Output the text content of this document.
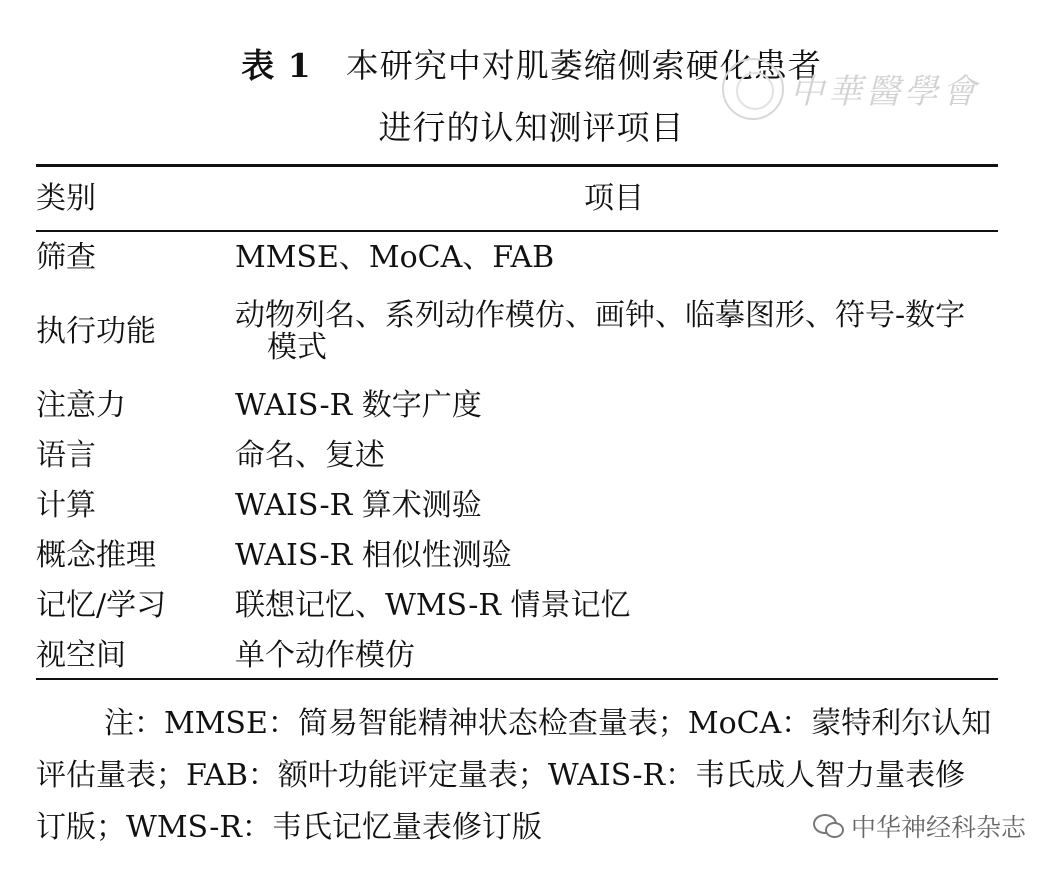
表 1 本研究中对肌萎缩侧索硬化患者
进行的认知测评项目
中華醫學會
类别	项目
筛查	MMSE、MoCA、FAB
执行功能	动物列名、系列动作模仿、画钟、临摹图形、符号-数字
模式
注意力	WAIS-R 数字广度
语言	命名、复述
计算	WAIS-R 算术测验
概念推理	WAIS-R 相似性测验
记忆/学习 联想记忆、WMS-R 情景记忆
视空间	单个动作模仿
注：MMSE：简易智能精神状态检查量表；MoCA：蒙特利尔认知
评估量表；FAB：额叶功能评定量表；WAIS-R：韦氏成人智力量表修
订版；WMS-R：韦氏记忆量表修订版	中华神经科杂志
